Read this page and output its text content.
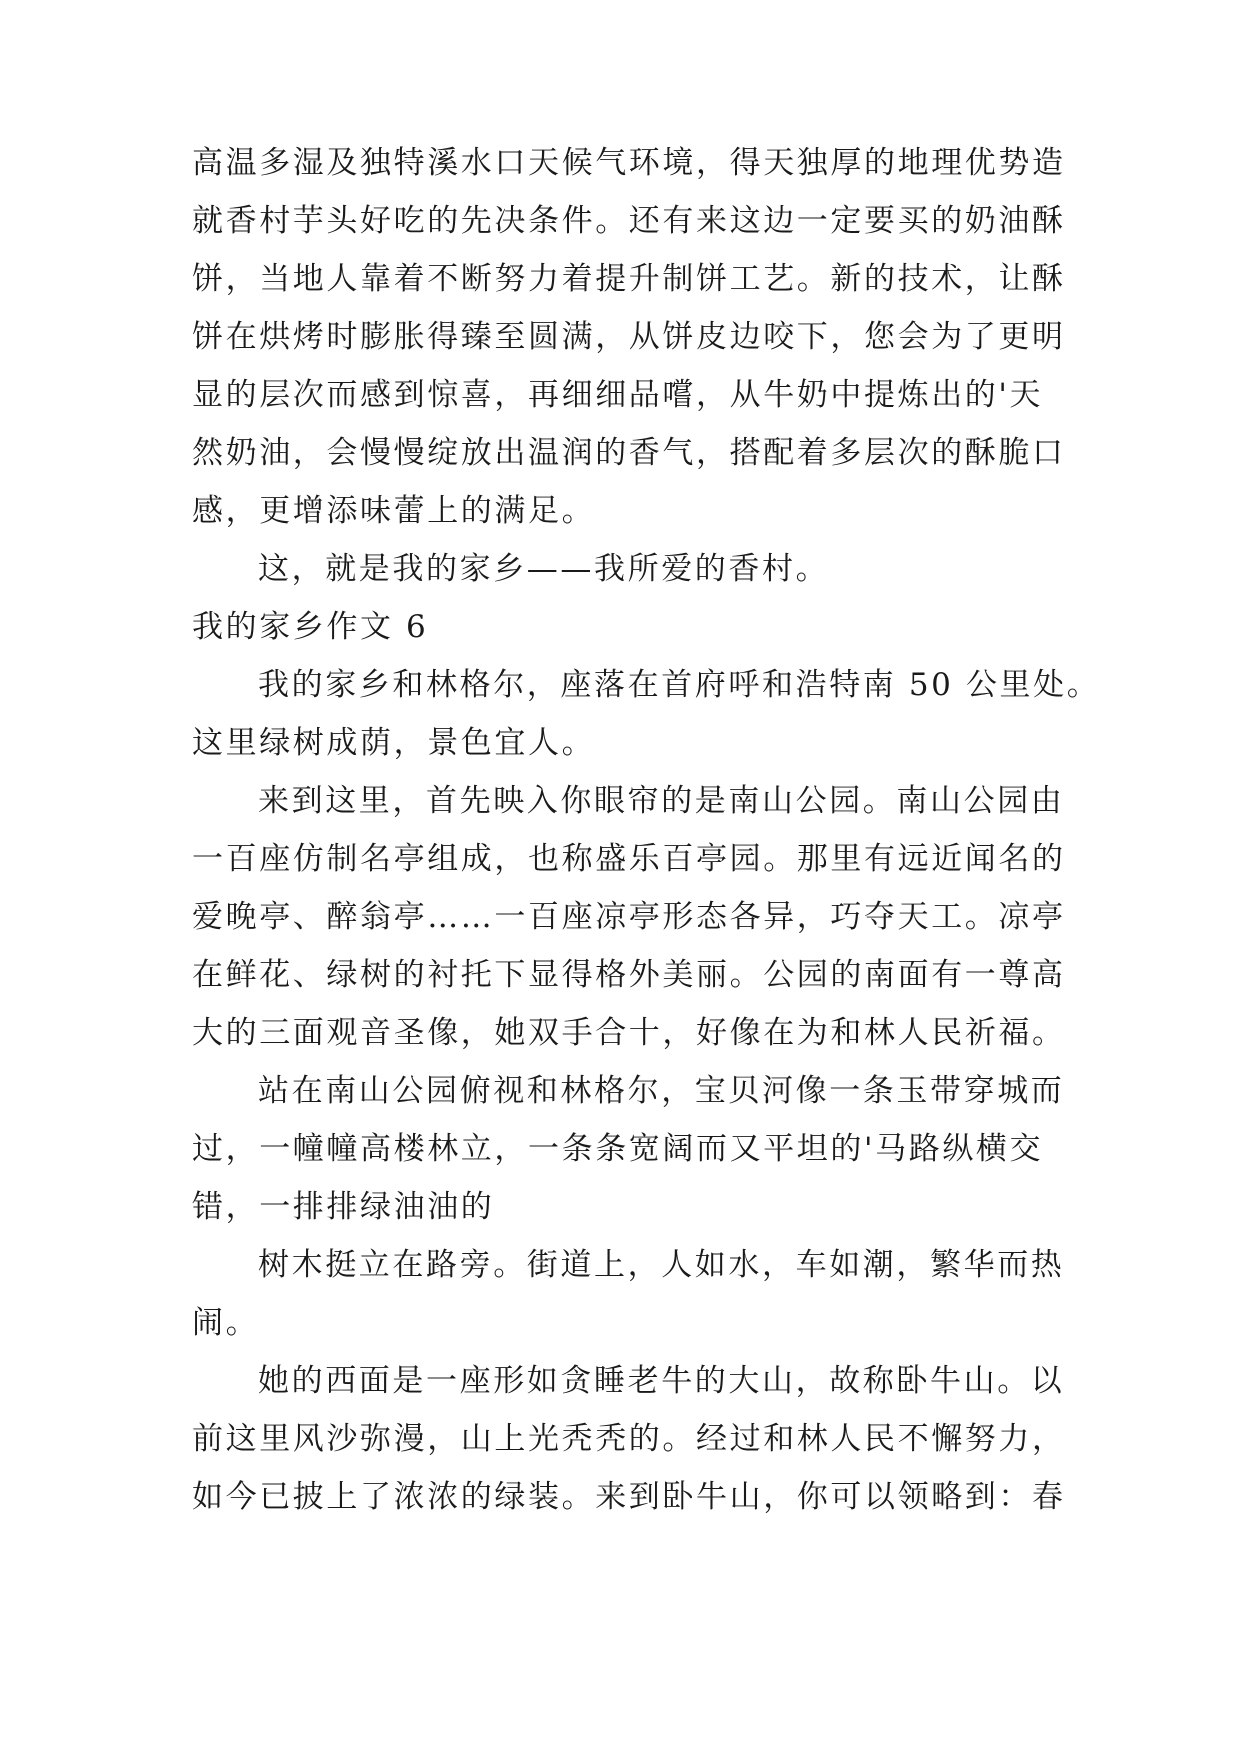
高温多湿及独特溪水口天候气环境，得天独厚的地理优势造
就香村芋头好吃的先决条件。还有来这边一定要买的奶油酥
饼，当地人靠着不断努力着提升制饼工艺。新的技术，让酥
饼在烘烤时膨胀得臻至圆满，从饼皮边咬下，您会为了更明
显的层次而感到惊喜，再细细品嚐，从牛奶中提炼出的'天
然奶油，会慢慢绽放出温润的香气，搭配着多层次的酥脆口
感，更增添味蕾上的满足。
这，就是我的家乡——我所爱的香村。
我的家乡作文 6
我的家乡和林格尔，座落在首府呼和浩特南 50 公里处。
这里绿树成荫，景色宜人。
来到这里，首先映入你眼帘的是南山公园。南山公园由
一百座仿制名亭组成，也称盛乐百亭园。那里有远近闻名的
爱晚亭、醉翁亭……一百座凉亭形态各异，巧夺天工。凉亭
在鲜花、绿树的衬托下显得格外美丽。公园的南面有一尊高
大的三面观音圣像，她双手合十，好像在为和林人民祈福。
站在南山公园俯视和林格尔，宝贝河像一条玉带穿城而
过，一幢幢高楼林立，一条条宽阔而又平坦的'马路纵横交
错，一排排绿油油的
树木挺立在路旁。街道上，人如水，车如潮，繁华而热
闹。
她的西面是一座形如贪睡老牛的大山，故称卧牛山。以
前这里风沙弥漫，山上光秃秃的。经过和林人民不懈努力，
如今已披上了浓浓的绿装。来到卧牛山，你可以领略到：春
